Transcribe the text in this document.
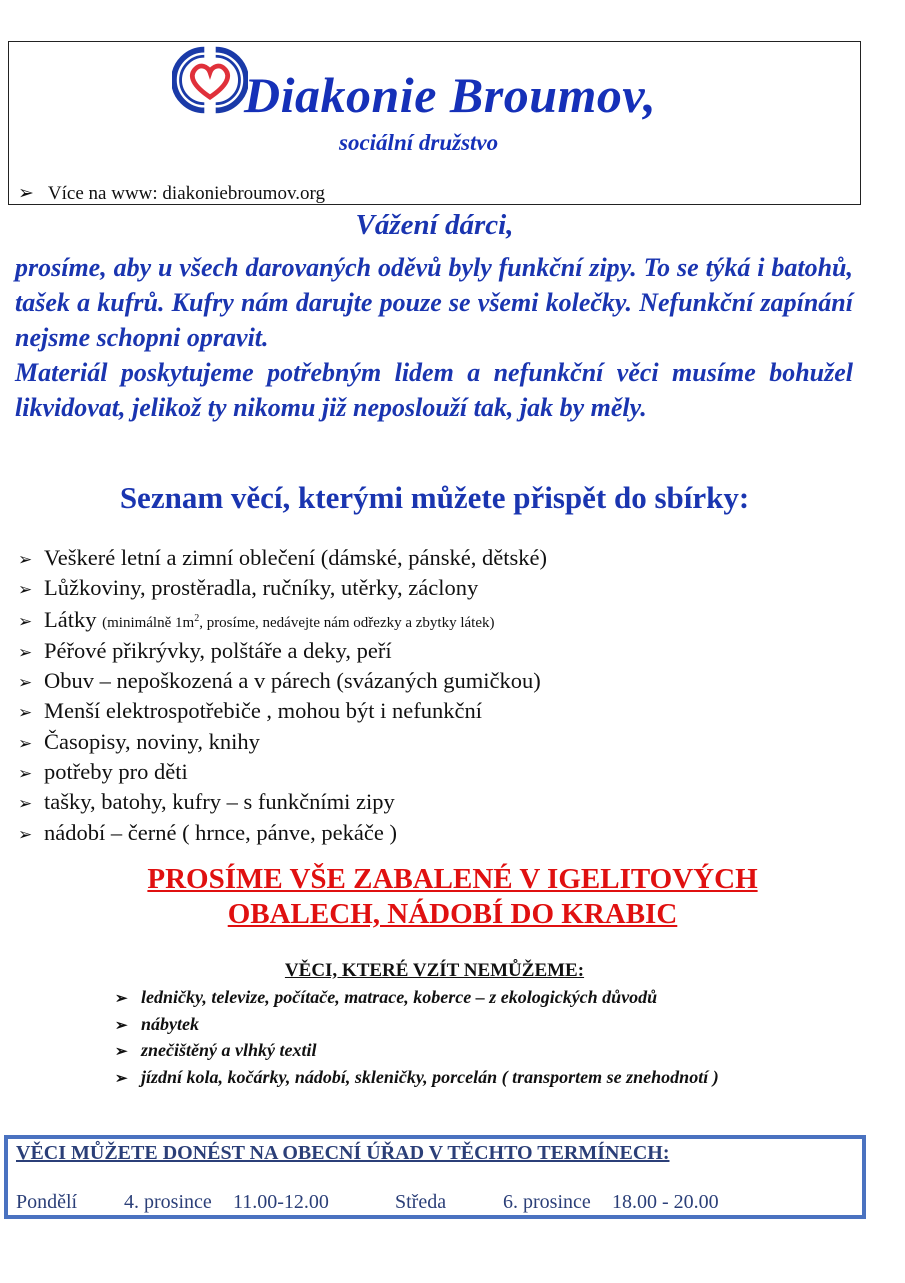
Diakonie Broumov,
sociální družstvo
➢ Více na www: diakoniebroumov.org
Vážení dárci,

prosíme, aby u všech darovaných oděvů byly funkční zipy. To se týká i batohů, tašek a kufrů. Kufry nám darujte pouze se všemi kolečky. Nefunkční zapínání nejsme schopni opravit.

Materiál poskytujeme potřebným lidem a nefunkční věci musíme bohužel likvidovat, jelikož ty nikomu již neposlouží tak, jak by měly.

Seznam věcí, kterými můžete přispět do sbírky:
➢ Veškeré letní a zimní oblečení (dámské, pánské, dětské)
➢ Lůžkoviny, prostěradla, ručníky, utěrky, záclony
➢ Látky (minimálně $1m^2$, prosíme, nedávejte nám odřezky a zbytky látek)
➢ Péřové přikrývky, polštáře a deky, peří
➢ Obuv – nepoškozená a v párech (svázaných gumičkou)
➢ Menší elektrospotřebiče , mohou být i nefunkční
➢ Časopisy, noviny, knihy
➢ potřeby pro děti
➢ tašky, batohy, kufry – s funkčními zipy
➢ nádobí – černé ( hrnce, pánve, pekáče )
PROSÍME VŠE ZABALENÉ V IGELITOVÝCH
OBALECH, NÁDOBÍ DO KRABIC
VĚCI, KTERÉ VZÍT NEMŮŽEME:
➢ ledničky, televize, počítače, matrace, koberce – z ekologických důvodů
➢ nábytek
➢ znečištěný a vlhký textil
➢ jízdní kola, kočárky, nádobí, skleničky, porcelán ( transportem se znehodnotí )
VĚCI MŮŽETE DONÉST NA OBECNÍ ÚŘAD V TĚCHTO TERMÍNECH:
Pondělí 4. prosince 11.00-12.00	Středa	6. prosince 18.00 - 20.00
